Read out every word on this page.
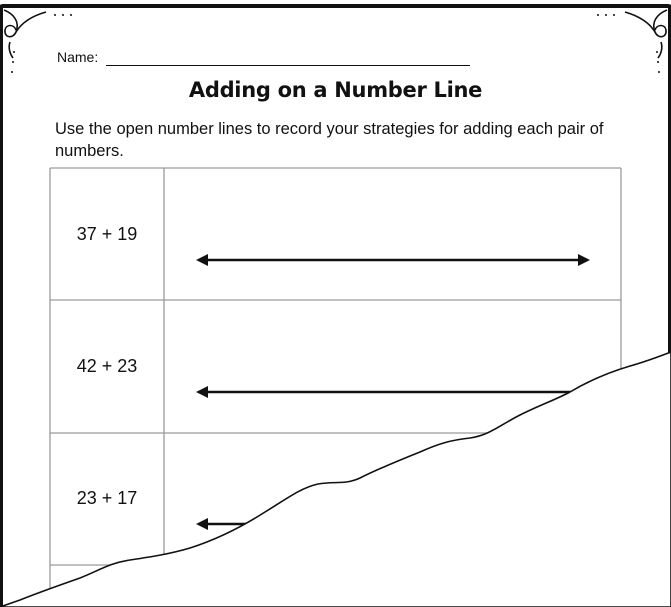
Name:
Adding on a Number Line
Use the open number lines to record your strategies for adding each pair of numbers.
37 + 19
42 + 23
23 + 17
